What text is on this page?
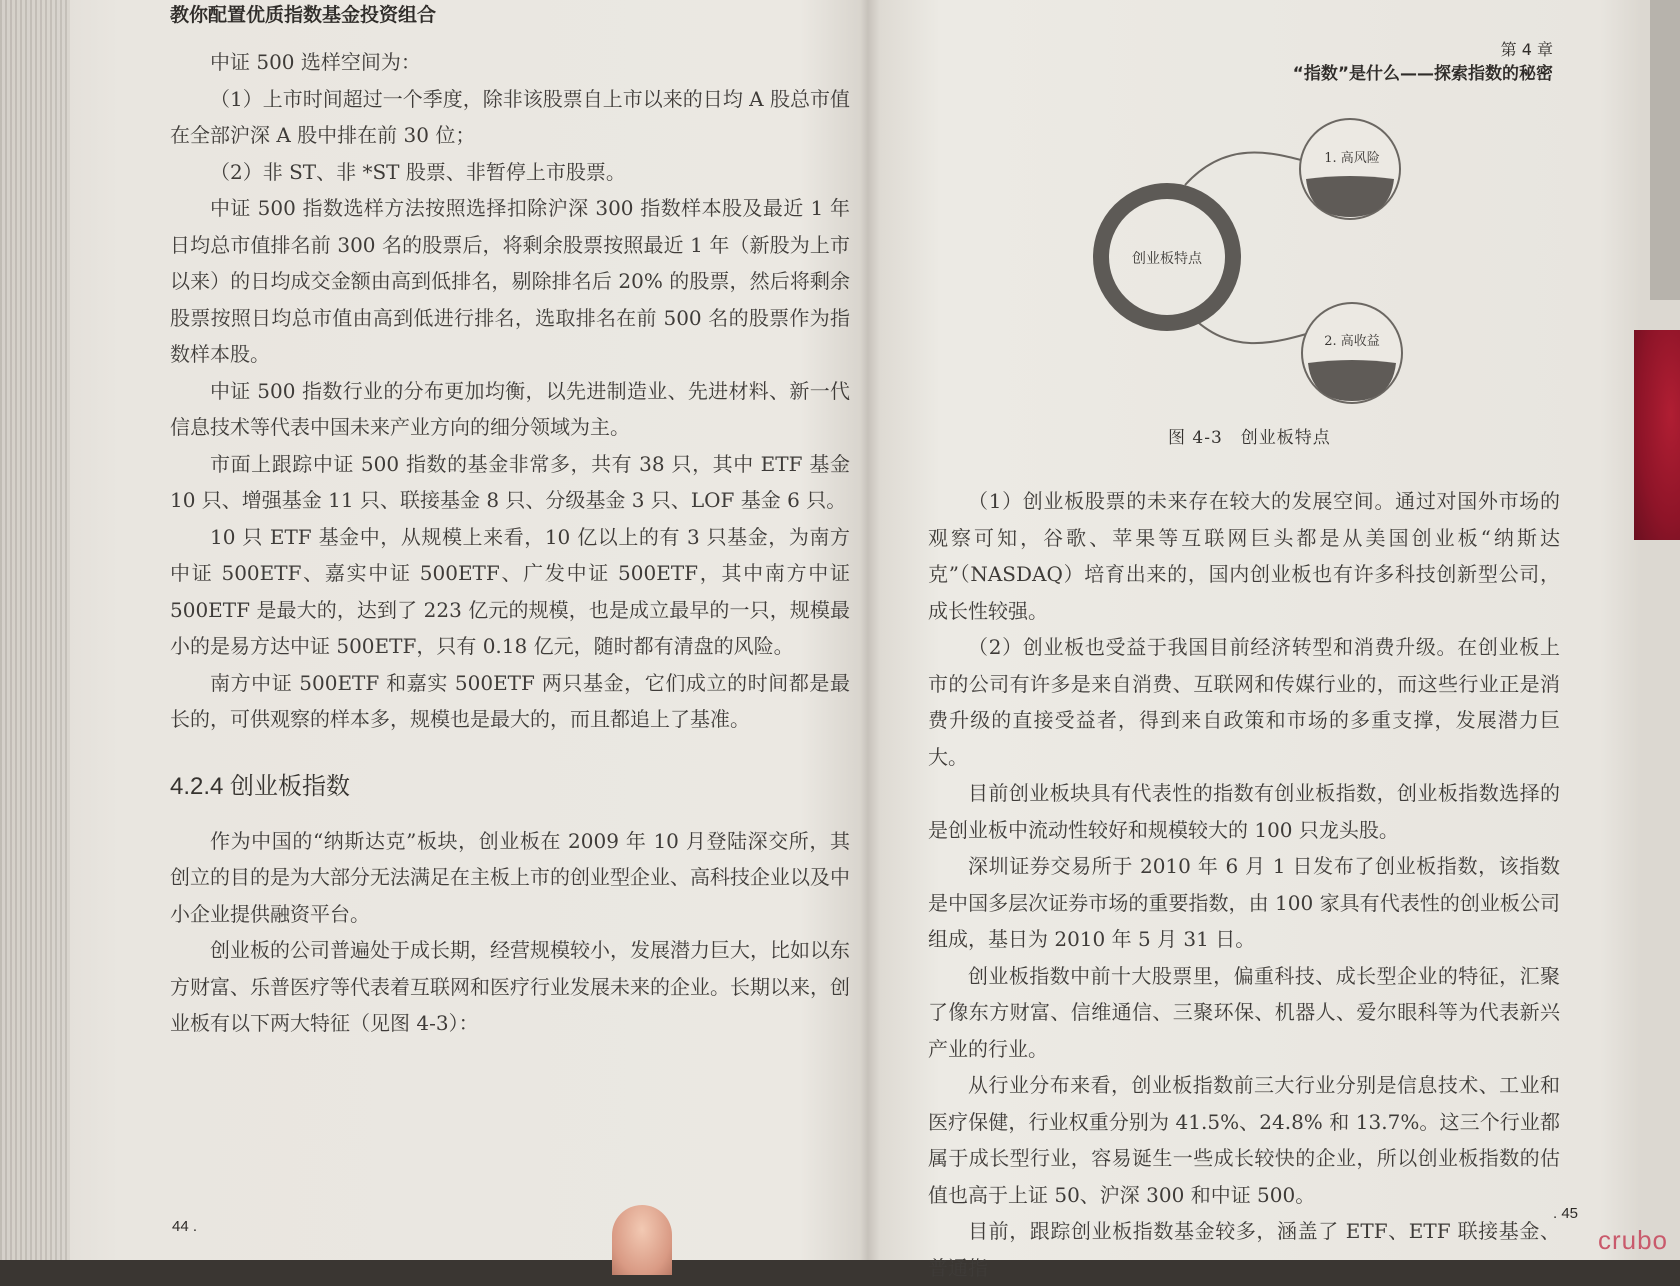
教你配置优质指数基金投资组合

中证 500 选样空间为：

（1）上市时间超过一个季度，除非该股票自上市以来的日均 A 股总市值在全部沪深 A 股中排在前 30 位；

（2）非 ST、非 *ST 股票、非暂停上市股票。

中证 500 指数选样方法按照选择扣除沪深 300 指数样本股及最近 1 年日均总市值排名前 300 名的股票后，将剩余股票按照最近 1 年（新股为上市以来）的日均成交金额由高到低排名，剔除排名后 20% 的股票，然后将剩余股票按照日均总市值由高到低进行排名，选取排名在前 500 名的股票作为指数样本股。

中证 500 指数行业的分布更加均衡，以先进制造业、先进材料、新一代信息技术等代表中国未来产业方向的细分领域为主。

市面上跟踪中证 500 指数的基金非常多，共有 38 只，其中 ETF 基金 10 只、增强基金 11 只、联接基金 8 只、分级基金 3 只、LOF 基金 6 只。

10 只 ETF 基金中，从规模上来看，10 亿以上的有 3 只基金，为南方中证 500ETF、嘉实中证 500ETF、广发中证 500ETF，其中南方中证 500ETF 是最大的，达到了 223 亿元的规模，也是成立最早的一只，规模最小的是易方达中证 500ETF，只有 0.18 亿元，随时都有清盘的风险。

南方中证 500ETF 和嘉实 500ETF 两只基金，它们成立的时间都是最长的，可供观察的样本多，规模也是最大的，而且都追上了基准。

4.2.4 创业板指数

作为中国的“纳斯达克”板块，创业板在 2009 年 10 月登陆深交所，其创立的目的是为大部分无法满足在主板上市的创业型企业、高科技企业以及中小企业提供融资平台。

创业板的公司普遍处于成长期，经营规模较小，发展潜力巨大，比如以东方财富、乐普医疗等代表着互联网和医疗行业发展未来的企业。长期以来，创业板有以下两大特征（见图 4-3）：

44 .
第 4 章
“指数”是什么——探索指数的秘密
创业板特点
1. 高风险
2. 高收益
图 4-3　创业板特点

（1）创业板股票的未来存在较大的发展空间。通过对国外市场的观察可知，谷歌、苹果等互联网巨头都是从美国创业板“纳斯达克”（NASDAQ）培育出来的，国内创业板也有许多科技创新型公司，成长性较强。

（2）创业板也受益于我国目前经济转型和消费升级。在创业板上市的公司有许多是来自消费、互联网和传媒行业的，而这些行业正是消费升级的直接受益者，得到来自政策和市场的多重支撑，发展潜力巨大。

目前创业板块具有代表性的指数有创业板指数，创业板指数选择的是创业板中流动性较好和规模较大的 100 只龙头股。

深圳证券交易所于 2010 年 6 月 1 日发布了创业板指数，该指数是中国多层次证券市场的重要指数，由 100 家具有代表性的创业板公司组成，基日为 2010 年 5 月 31 日。

创业板指数中前十大股票里，偏重科技、成长型企业的特征，汇聚了像东方财富、信维通信、三聚环保、机器人、爱尔眼科等为代表新兴产业的行业。

从行业分布来看，创业板指数前三大行业分别是信息技术、工业和医疗保健，行业权重分别为 41.5%、24.8% 和 13.7%。这三个行业都属于成长型行业，容易诞生一些成长较快的企业，所以创业板指数的估值也高于上证 50、沪深 300 和中证 500。

目前，跟踪创业板指数基金较多，涵盖了 ETF、ETF 联接基金、普通指

. 45
crubo
